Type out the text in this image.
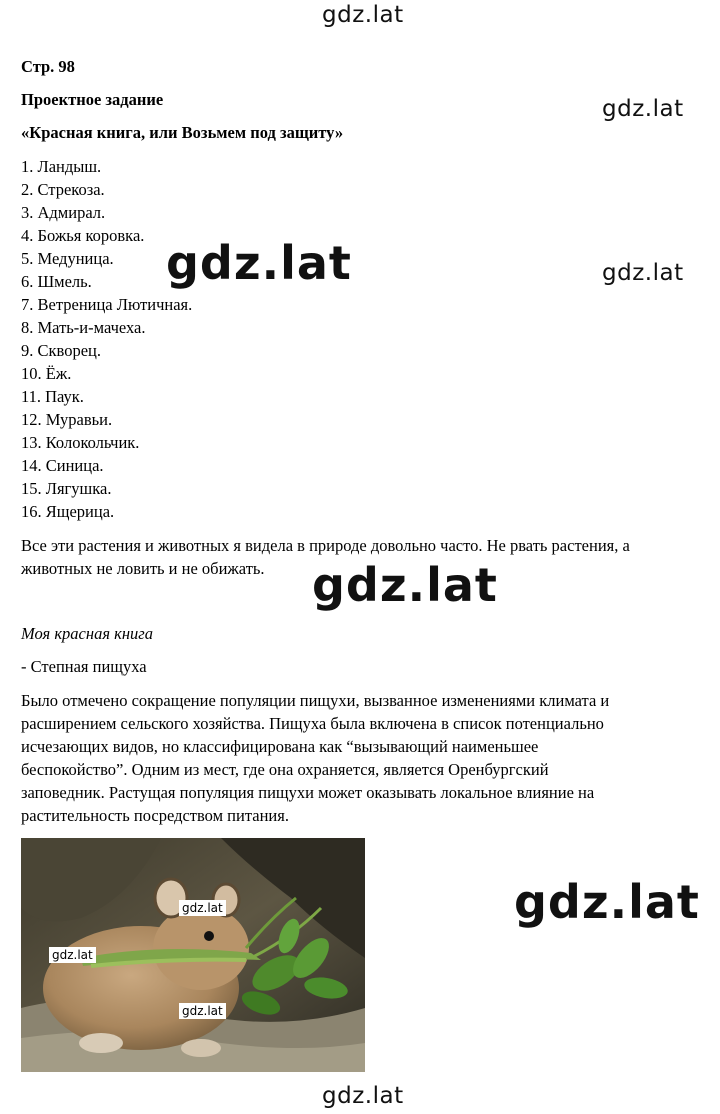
gdz.lat
gdz.lat
gdz.lat	gdz.lat
gdz.lat
gdz.lat
gdz.lat
Стр. 98
Проектное задание
«Красная книга, или Возьмем под защиту»
1. Ландыш.
2. Стрекоза.
3. Адмирал.
4. Божья коровка.
5. Медуница.
6. Шмель.
7. Ветреница Лютичная.
8. Мать-и-мачеха.
9. Скворец.
10. Ёж.
11. Паук.
12. Муравьи.
13. Колокольчик.
14. Синица.
15. Лягушка.
16. Ящерица.
Все эти растения и животных я видела в природе довольно часто. Не рвать растения, а
животных не ловить и не обижать.
Моя красная книга
- Степная пищуха
Было отмечено сокращение популяции пищухи, вызванное изменениями климата и
расширением сельского хозяйства. Пищуха была включена в список потенциально
исчезающих видов, но классифицирована как “вызывающий наименьшее
беспокойство”. Одним из мест, где она охраняется, является Оренбургский
заповедник. Растущая популяция пищухи может оказывать локальное влияние на
растительность посредством питания.
gdz.lat
gdz.lat
gdz.lat
